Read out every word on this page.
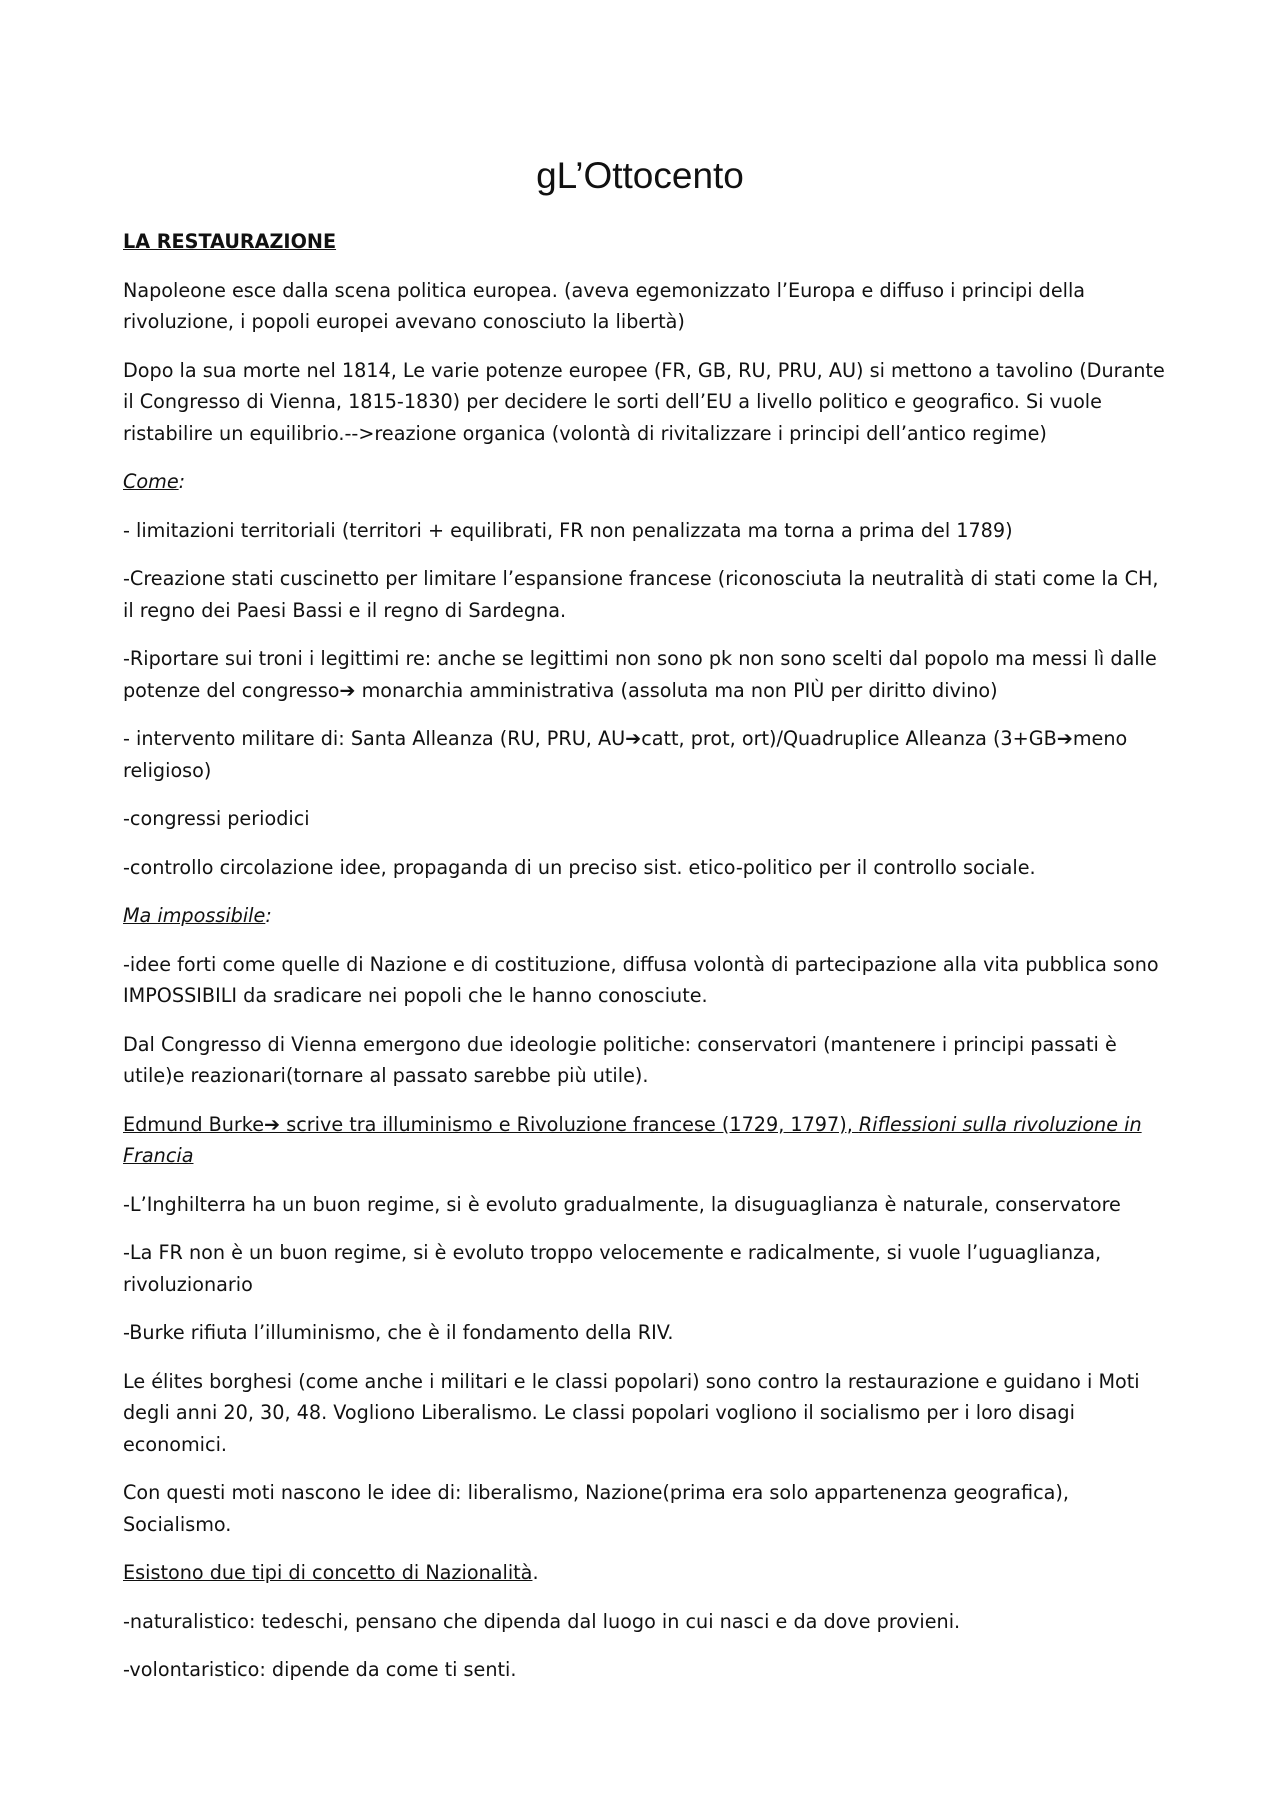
gL’Ottocento

LA RESTAURAZIONE

Napoleone esce dalla scena politica europea. (aveva egemonizzato l’Europa e diffuso i principi della rivoluzione, i popoli europei avevano conosciuto la libertà)

Dopo la sua morte nel 1814, Le varie potenze europee (FR, GB, RU, PRU, AU) si mettono a tavolino (Durante il Congresso di Vienna, 1815-1830) per decidere le sorti dell’EU a livello politico e geografico. Si vuole ristabilire un equilibrio.-->reazione organica (volontà di rivitalizzare i principi dell’antico regime)

Come:

- limitazioni territoriali (territori + equilibrati, FR non penalizzata ma torna a prima del 1789)

-Creazione stati cuscinetto per limitare l’espansione francese (riconosciuta la neutralità di stati come la CH, il regno dei Paesi Bassi e il regno di Sardegna.

-Riportare sui troni i legittimi re: anche se legittimi non sono pk non sono scelti dal popolo ma messi lì dalle potenze del congresso➔ monarchia amministrativa (assoluta ma non PIÙ per diritto divino)

- intervento militare di: Santa Alleanza (RU, PRU, AU➔catt, prot, ort)/Quadruplice Alleanza (3+GB➔meno religioso)

-congressi periodici

-controllo circolazione idee, propaganda di un preciso sist. etico-politico per il controllo sociale.

Ma impossibile:

-idee forti come quelle di Nazione e di costituzione, diffusa volontà di partecipazione alla vita pubblica sono IMPOSSIBILI da sradicare nei popoli che le hanno conosciute.

Dal Congresso di Vienna emergono due ideologie politiche: conservatori (mantenere i principi passati è utile)e reazionari(tornare al passato sarebbe più utile).

Edmund Burke➔ scrive tra illuminismo e Rivoluzione francese (1729, 1797), Riflessioni sulla rivoluzione in Francia

-L’Inghilterra ha un buon regime, si è evoluto gradualmente, la disuguaglianza è naturale, conservatore

-La FR non è un buon regime, si è evoluto troppo velocemente e radicalmente, si vuole l’uguaglianza, rivoluzionario

-Burke rifiuta l’illuminismo, che è il fondamento della RIV.

Le élites borghesi (come anche i militari e le classi popolari) sono contro la restaurazione e guidano i Moti degli anni 20, 30, 48. Vogliono Liberalismo. Le classi popolari vogliono il socialismo per i loro disagi economici.

Con questi moti nascono le idee di: liberalismo, Nazione(prima era solo appartenenza geografica), Socialismo.

Esistono due tipi di concetto di Nazionalità.

-naturalistico: tedeschi, pensano che dipenda dal luogo in cui nasci e da dove provieni.

-volontaristico: dipende da come ti senti.
